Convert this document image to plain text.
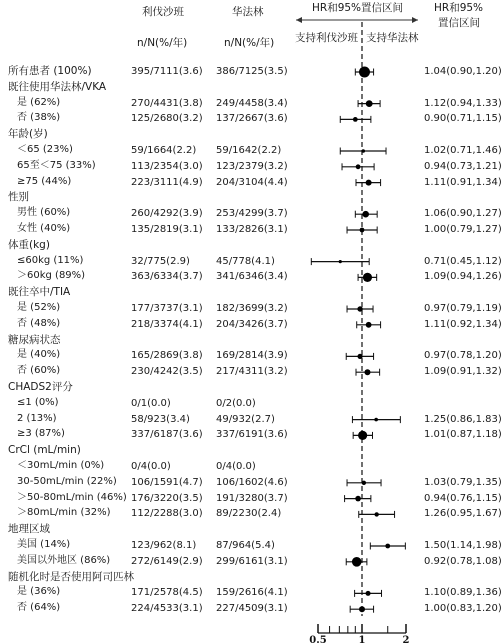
利伐沙班	华法林
n/N(%/年)	n/N(%/年)
HR和95%置信区间
支持利伐沙班 支持华法林
HR和95%
置信区间
所有患者 (100%)	395/7111(3.6) 386/7125(3.5)	1.04(0.90,1.20)
既往使用华法林/VKA
是 (62%)	270/4431(3.8) 249/4458(3.4)	1.12(0.94,1.33)
否 (38%)	125/2680(3.2) 137/2667(3.6)	0.90(0.71,1.15)
年龄(岁)
＜65 (23%)	59/1664(2.2) 59/1642(2.2)	1.02(0.71,1.46)
65至＜75 (33%)	113/2354(3.0) 123/2379(3.2)	0.94(0.73,1.21)
≥75 (44%)	223/3111(4.9) 204/3104(4.4)	1.11(0.91,1.34)
性别
男性 (60%)	260/4292(3.9) 253/4299(3.7)	1.06(0.90,1.27)
女性 (40%)	135/2819(3.1) 133/2826(3.1)	1.00(0.79,1.27)
体重(kg)
≤60kg (11%)	32/775(2.9)	45/778(4.1)	0.71(0.45,1.12)
＞60kg (89%)	363/6334(3.7) 341/6346(3.4)	1.09(0.94,1.26)
既往卒中/TIA
是 (52%)	177/3737(3.1) 182/3699(3.2)	0.97(0.79,1.19)
否 (48%)	218/3374(4.1) 204/3426(3.7)	1.11(0.92,1.34)
糖尿病状态
是 (40%)	165/2869(3.8) 169/2814(3.9)	0.97(0.78,1.20)
否 (60%)	230/4242(3.5) 217/4311(3.2)	1.09(0.91,1.32)
CHADS2评分
≤1 (0%)	0/1(0.0)	0/2(0.0)
2 (13%)	58/923(3.4)	49/932(2.7)	1.25(0.86,1.83)
≥3 (87%)	337/6187(3.6) 337/6191(3.6)	1.01(0.87,1.18)
CrCl (mL/min)
＜30mL/min (0%)	0/4(0.0)	0/4(0.0)
30-50mL/min (22%) 106/1591(4.7) 106/1602(4.6)	1.03(0.79,1.35)
＞50-80mL/min (46%) 176/3220(3.5) 191/3280(3.7)	0.94(0.76,1.15)
＞80mL/min (32%) 112/2288(3.0) 89/2230(2.4)	1.26(0.95,1.67)
地理区域
美国 (14%)	123/962(8.1) 87/964(5.4)	1.50(1.14,1.98)
美国以外地区 (86%) 272/6149(2.9) 299/6161(3.1)	0.92(0.78,1.08)
随机化时是否使用阿司匹林
是 (36%)	171/2578(4.5) 159/2616(4.1)	1.10(0.89,1.36)
否 (64%)	224/4533(3.1) 227/4509(3.1)	1.00(0.83,1.20)
0.5	1	2
